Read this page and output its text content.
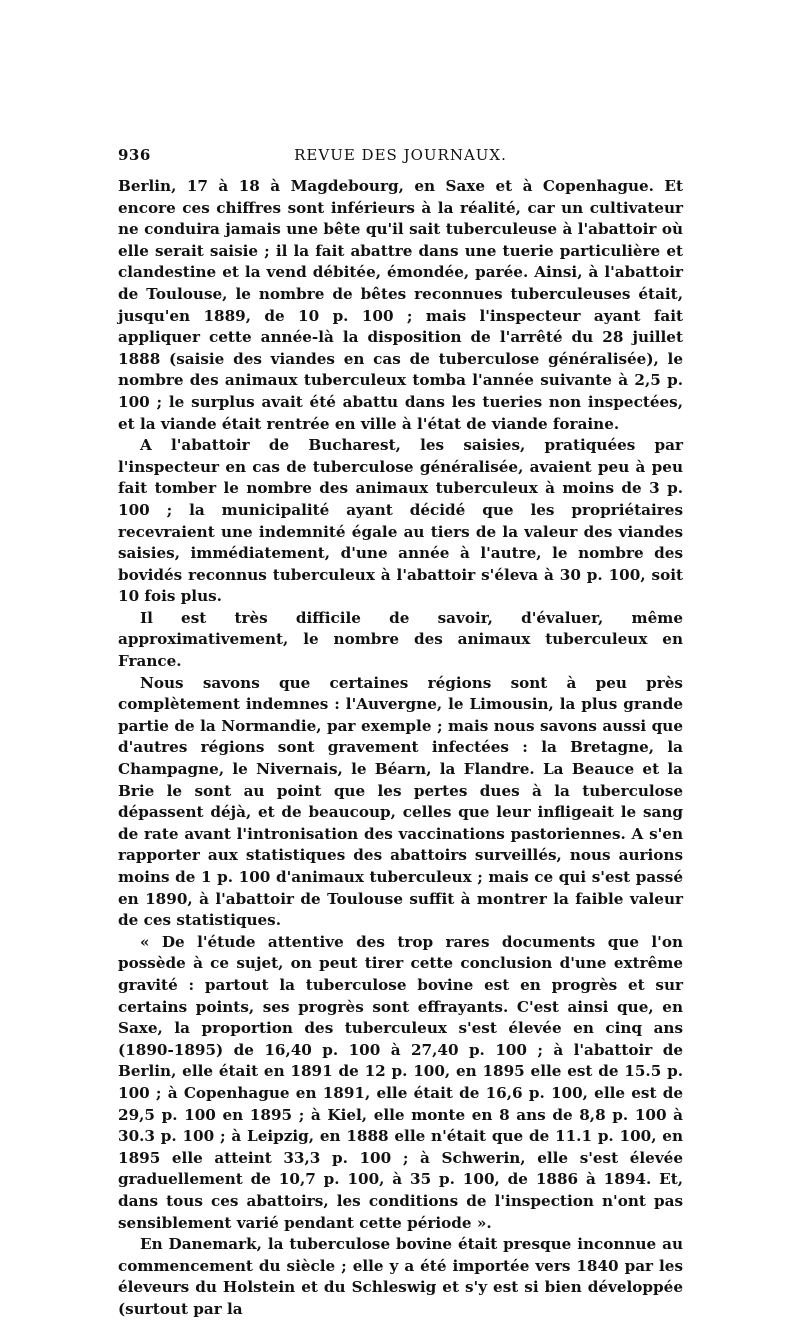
936	REVUE DES JOURNAUX.

Berlin, 17 à 18 à Magdebourg, en Saxe et à Copenhague. Et encore ces chiffres sont inférieurs à la réalité, car un cultivateur ne conduira jamais une bête qu'il sait tuberculeuse à l'abattoir où elle serait saisie ; il la fait abattre dans une tuerie particulière et clandestine et la vend débitée, émondée, parée. Ainsi, à l'abattoir de Toulouse, le nombre de bêtes reconnues tuberculeuses était, jusqu'en 1889, de 10 p. 100 ; mais l'inspecteur ayant fait appliquer cette année-là la disposition de l'arrêté du 28 juillet 1888 (saisie des viandes en cas de tuberculose généralisée), le nombre des animaux tuberculeux tomba l'année suivante à 2,5 p. 100 ; le surplus avait été abattu dans les tueries non inspectées, et la viande était rentrée en ville à l'état de viande foraine.

A l'abattoir de Bucharest, les saisies, pratiquées par l'inspecteur en cas de tuberculose généralisée, avaient peu à peu fait tomber le nombre des animaux tuberculeux à moins de 3 p. 100 ; la municipalité ayant décidé que les propriétaires recevraient une indemnité égale au tiers de la valeur des viandes saisies, immédiatement, d'une année à l'autre, le nombre des bovidés reconnus tuberculeux à l'abattoir s'éleva à 30 p. 100, soit 10 fois plus.

Il est très difficile de savoir, d'évaluer, même approximativement, le nombre des animaux tuberculeux en France.

Nous savons que certaines régions sont à peu près complètement indemnes : l'Auvergne, le Limousin, la plus grande partie de la Normandie, par exemple ; mais nous savons aussi que d'autres régions sont gravement infectées : la Bretagne, la Champagne, le Nivernais, le Béarn, la Flandre. La Beauce et la Brie le sont au point que les pertes dues à la tuberculose dépassent déjà, et de beaucoup, celles que leur infligeait le sang de rate avant l'intronisation des vaccinations pastoriennes. A s'en rapporter aux statistiques des abattoirs surveillés, nous aurions moins de 1 p. 100 d'animaux tuberculeux ; mais ce qui s'est passé en 1890, à l'abattoir de Toulouse suffit à montrer la faible valeur de ces statistiques.

« De l'étude attentive des trop rares documents que l'on possède à ce sujet, on peut tirer cette conclusion d'une extrême gravité : partout la tuberculose bovine est en progrès et sur certains points, ses progrès sont effrayants. C'est ainsi que, en Saxe, la proportion des tuberculeux s'est élevée en cinq ans (1890-1895) de 16,40 p. 100 à 27,40 p. 100 ; à l'abattoir de Berlin, elle était en 1891 de 12 p. 100, en 1895 elle est de 15.5 p. 100 ; à Copenhague en 1891, elle était de 16,6 p. 100, elle est de 29,5 p. 100 en 1895 ; à Kiel, elle monte en 8 ans de 8,8 p. 100 à 30.3 p. 100 ; à Leipzig, en 1888 elle n'était que de 11.1 p. 100, en 1895 elle atteint 33,3 p. 100 ; à Schwerin, elle s'est élevée graduellement de 10,7 p. 100, à 35 p. 100, de 1886 à 1894. Et, dans tous ces abattoirs, les conditions de l'inspection n'ont pas sensiblement varié pendant cette période ».

En Danemark, la tuberculose bovine était presque inconnue au commencement du siècle ; elle y a été importée vers 1840 par les éleveurs du Holstein et du Schleswig et s'y est si bien développée (surtout par la
